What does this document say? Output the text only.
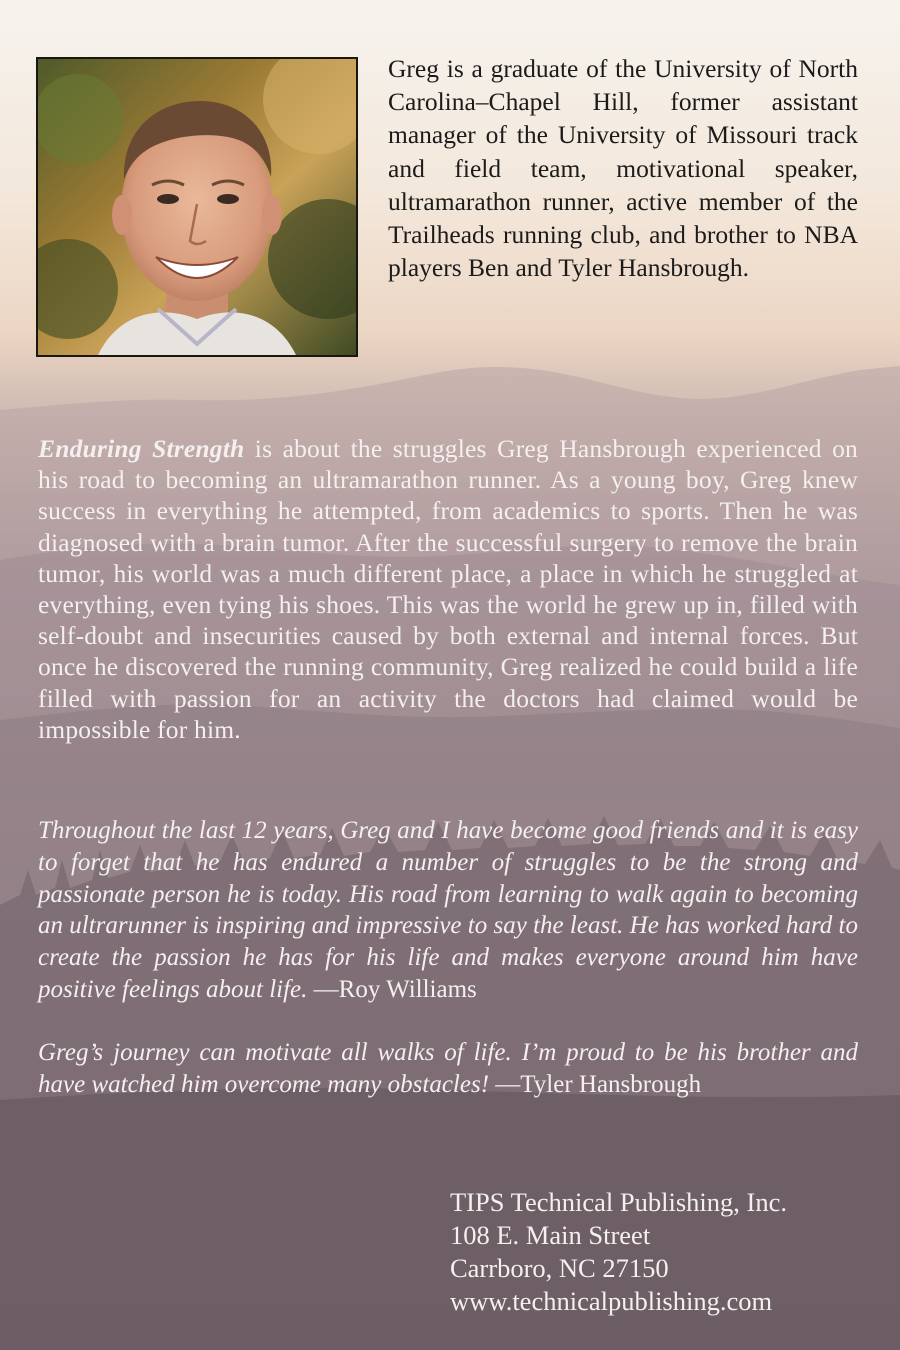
Greg is a graduate of the University of North Carolina–Chapel Hill, former assistant manager of the University of Missouri track and field team, motivational speaker, ultramarathon runner, active member of the Trailheads running club, and brother to NBA players Ben and Tyler Hansbrough.

Enduring Strength is about the struggles Greg Hansbrough experienced on his road to becoming an ultramarathon runner. As a young boy, Greg knew success in everything he attempted, from academics to sports. Then he was diagnosed with a brain tumor. After the successful surgery to remove the brain tumor, his world was a much different place, a place in which he struggled at everything, even tying his shoes. This was the world he grew up in, filled with self-doubt and insecurities caused by both external and internal forces. But once he discovered the running community, Greg realized he could build a life filled with passion for an activity the doctors had claimed would be impossible for him.

Throughout the last 12 years, Greg and I have become good friends and it is easy to forget that he has endured a number of struggles to be the strong and passionate person he is today. His road from learning to walk again to becoming an ultrarunner is inspiring and impressive to say the least. He has worked hard to create the passion he has for his life and makes everyone around him have positive feelings about life. —Roy Williams

Greg’s journey can motivate all walks of life. I’m proud to be his brother and have watched him overcome many obstacles! —Tyler Hansbrough

TIPS Technical Publishing, Inc.
108 E. Main Street
Carrboro, NC 27150
www.technicalpublishing.com
